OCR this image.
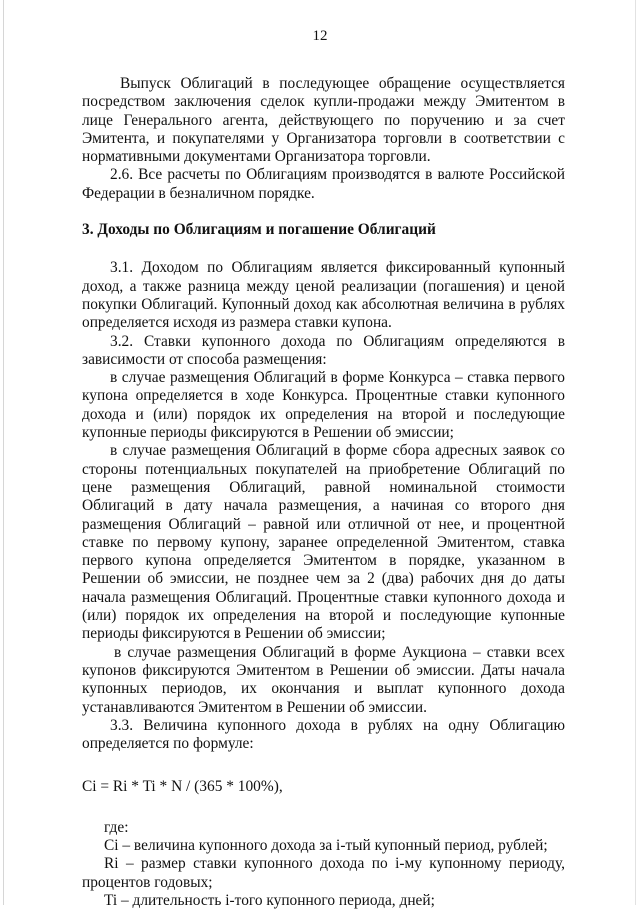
12

Выпуск Облигаций в последующее обращение осуществляется посредством заключения сделок купли-продажи между Эмитентом в лице Генерального агента, действующего по поручению и за счет Эмитента, и покупателями у Организатора торговли в соответствии с нормативными документами Организатора торговли.

2.6. Все расчеты по Облигациям производятся в валюте Российской Федерации в безналичном порядке.

3. Доходы по Облигациям и погашение Облигаций

3.1. Доходом по Облигациям является фиксированный купонный доход, а также разница между ценой реализации (погашения) и ценой покупки Облигаций. Купонный доход как абсолютная величина в рублях определяется исходя из размера ставки купона.

3.2. Ставки купонного дохода по Облигациям определяются в зависимости от способа размещения:

в случае размещения Облигаций в форме Конкурса – ставка первого купона определяется в ходе Конкурса. Процентные ставки купонного дохода и (или) порядок их определения на второй и последующие купонные периоды фиксируются в Решении об эмиссии;

в случае размещения Облигаций в форме сбора адресных заявок со стороны потенциальных покупателей на приобретение Облигаций по цене размещения Облигаций, равной номинальной стоимости Облигаций в дату начала размещения, а начиная со второго дня размещения Облигаций – равной или отличной от нее, и процентной ставке по первому купону, заранее определенной Эмитентом, ставка первого купона определяется Эмитентом в порядке, указанном в Решении об эмиссии, не позднее чем за 2 (два) рабочих дня до даты начала размещения Облигаций. Процентные ставки купонного дохода и (или) порядок их определения на второй и последующие купонные периоды фиксируются в Решении об эмиссии;

в случае размещения Облигаций в форме Аукциона – ставки всех купонов фиксируются Эмитентом в Решении об эмиссии. Даты начала купонных периодов, их окончания и выплат купонного дохода устанавливаются Эмитентом в Решении об эмиссии.

3.3. Величина купонного дохода в рублях на одну Облигацию определяется по формуле:

Ci = Ri * Ti * N / (365 * 100%),

где:

Ci – величина купонного дохода за i-тый купонный период, рублей;

Ri – размер ставки купонного дохода по i-му купонному периоду, процентов годовых;

Ti – длительность i-того купонного периода, дней;
